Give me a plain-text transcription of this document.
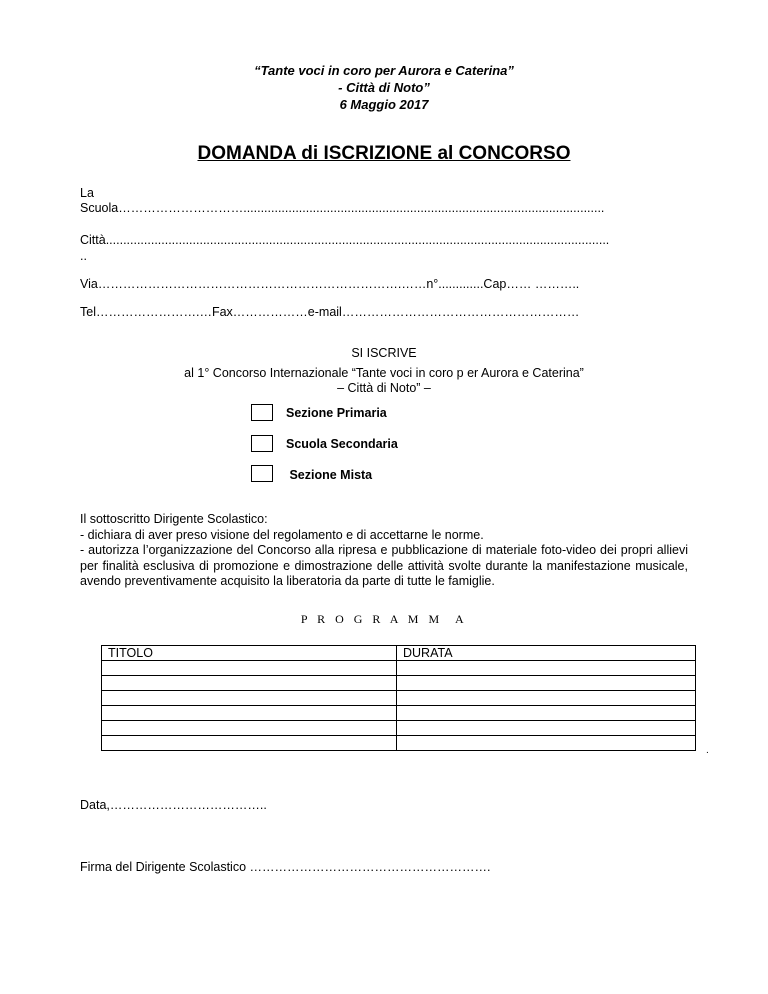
“Tante voci in coro per Aurora e Caterina”
- Città di Noto”
6 Maggio 2017
DOMANDA di ISCRIZIONE al CONCORSO
La
Scuola…………………………........................................................................................................
Città.................................................................................................................................................
..
Via……………………………………………………………….……n°.............Cap…… ………..
Tel…………………….…Fax………………e-mail…………………………………………………
SI ISCRIVE
al 1° Concorso Internazionale “Tante voci in coro p er Aurora e Caterina”
– Città di Noto” –
Sezione Primaria
Scuola Secondaria
Sezione Mista

Il sottoscritto Dirigente Scolastico:

- dichiara di aver preso visione del regolamento e di accettarne le norme.

- autorizza l’organizzazione del Concorso alla ripresa e pubblicazione di materiale foto-video dei propri allievi per finalità esclusiva di promozione e dimostrazione delle attività svolte durante la manifestazione musicale, avendo preventivamente acquisito la liberatoria da parte di tutte le famiglie.

P R O G R A M M  A
TITOLO	DURATA

.
Data,………………………………..
Firma del Dirigente Scolastico ………………………………………………….
